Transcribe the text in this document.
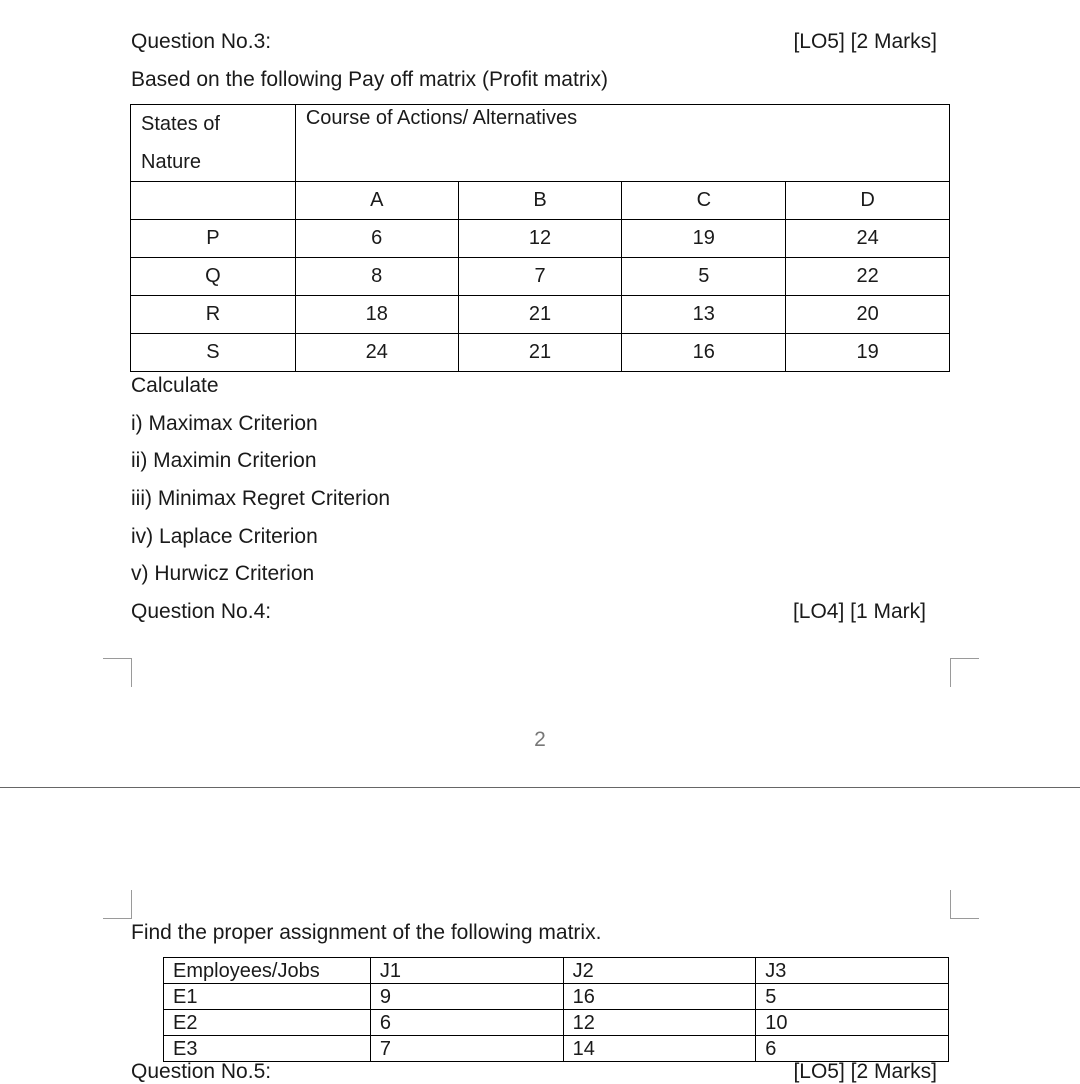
Question No.3:	[LO5] [2 Marks]
Based on the following Pay off matrix (Profit matrix)
States of
Nature	Course of Actions/ Alternatives			
	A	B	C	D
P	6	12	19	24
Q	8	7	5	22
R	18	21	13	20
S	24	21	16	19
Calculate
i) Maximax Criterion
ii) Maximin Criterion
iii) Minimax Regret Criterion
iv) Laplace Criterion
v) Hurwicz Criterion
Question No.4:	[LO4] [1 Mark]
2
Find the proper assignment of the following matrix.
Employees/Jobs	J1	J2	J3
E1	9	16	5
E2	6	12	10
E3	7	14	6
Question No.5:	[LO5] [2 Marks]
